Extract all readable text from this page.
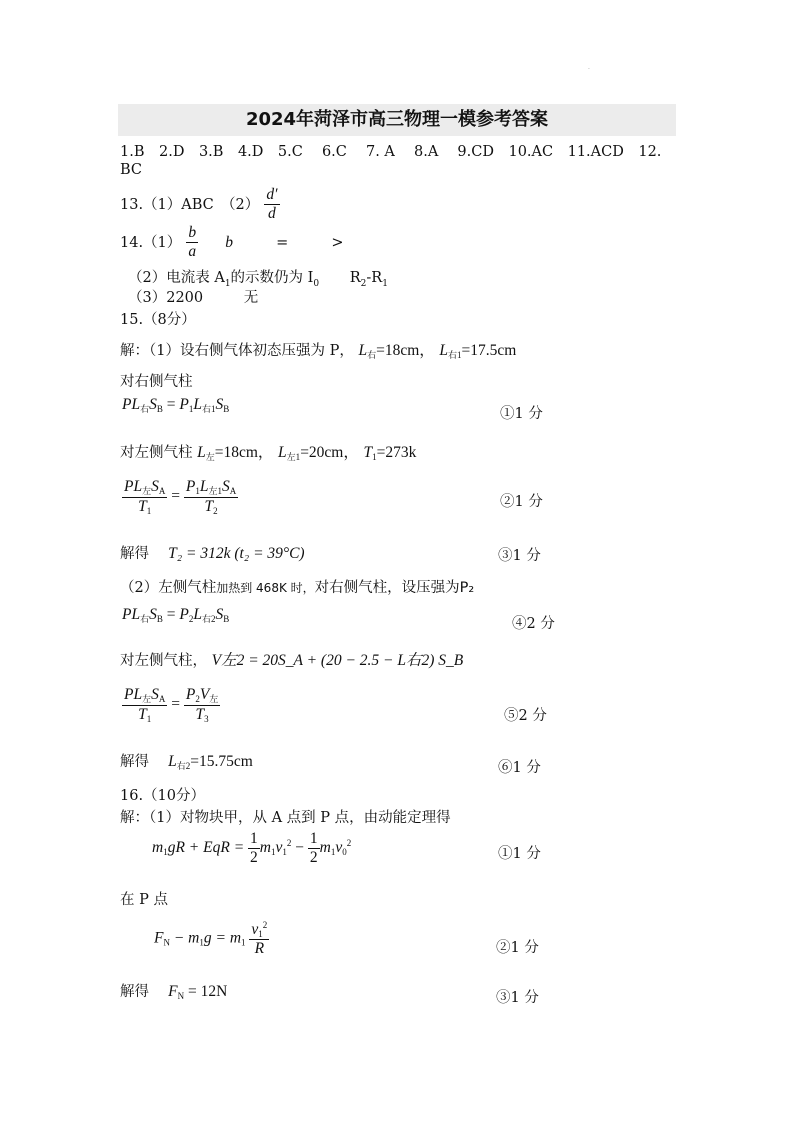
·
2024年菏泽市高三物理一模参考答案
1.B　2.D　3.B　4.D　5.C　 6.C　 7. A　 8.A　 9.CD　10.AC　11.ACD　12.
BC
13.（1）ABC　$(2) \frac{d'}{d}$
$14.(1) \frac{b}{a}$ b	=	>
（2）电流表 $A_1$的示数仍为 $I_0$ $R_2-R_1$
（3）2200	无
15.（8分）
解：（1）设右侧气体初态压强为 P， $L_右=18cm$， $L_{右1}=17.5cm$
对右侧气柱
$PL_右S_B = P_1L_{右1}S_B$	①1 分
对左侧气柱 $L_左=18cm$， $L_{左1}=20cm$， $T_1=273k$
$\frac{PL_左S_A}{T_1} = \frac{P_1L_{左1}S_A}{T_2}$	②1 分
解得　 T₂ = 312k (t₂ = 39°C)	③1 分
（2）左侧气柱加热到 468K 时，对右侧气柱，设压强为P₂
$PL_右S_B = P_2L_{右2}S_B$	④2 分
对左侧气柱， V左2 = 20S_A + (20 − 2.5 − L右2) S_B
$\frac{PL_左S_A}{T_1} = \frac{P_2V_左}{T_3}$	⑤2 分
解得　 $L_{右2}=15.75cm$	⑥1 分
16.（10分）
解：（1）对物块甲，从 A 点到 P 点，由动能定理得
$m_1gR$ + EqR = $\frac{1}{2} m_1v_1^2 - \frac{1}{2} m_1v_0^2$
①1 分
在 P 点
$F_N - m_1g = m_1 \frac{v_1^2}{R}$	②1 分
解得　 $F_N = 12N$	③1 分
